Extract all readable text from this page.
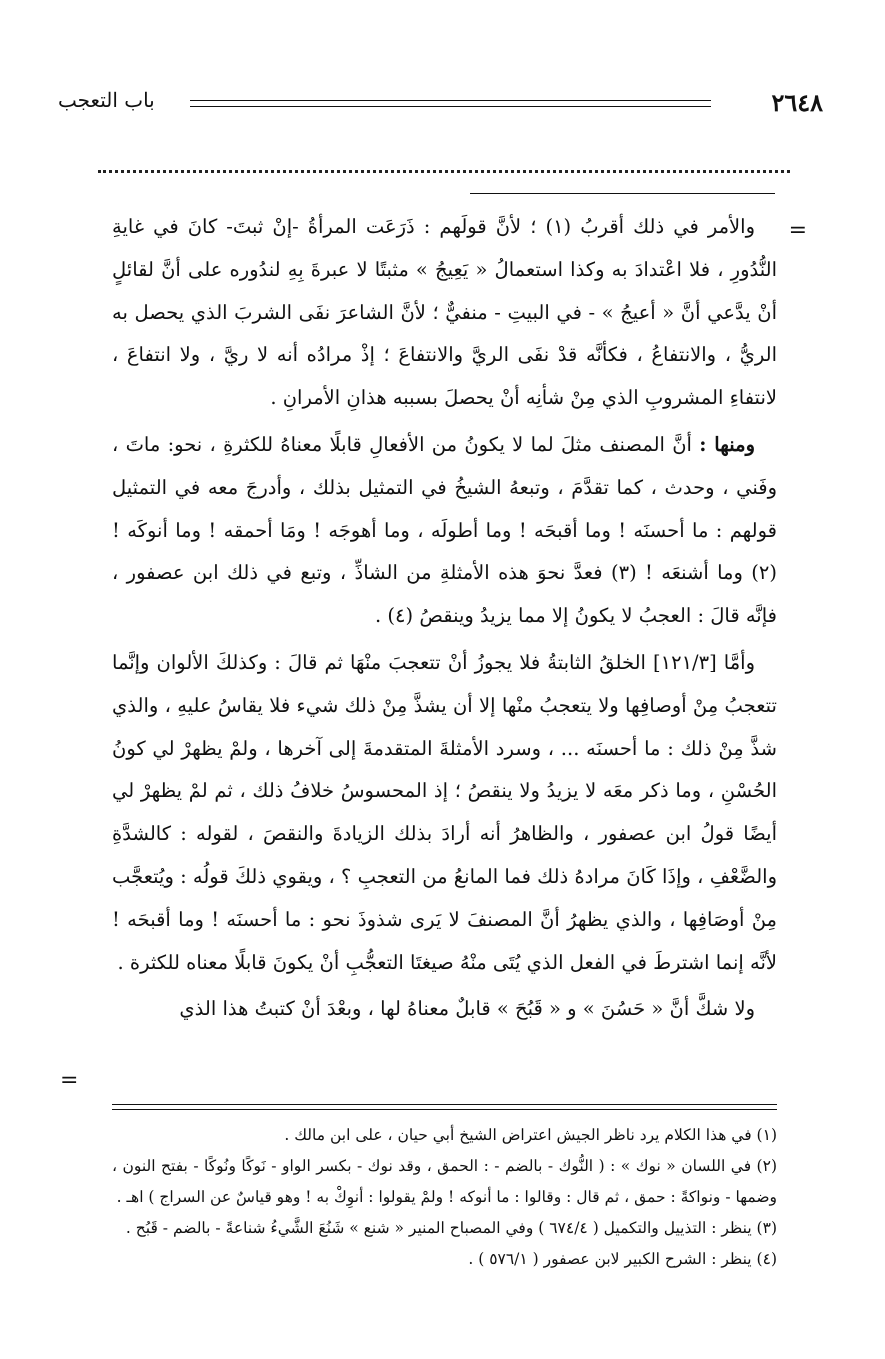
٢٦٤٨
باب التعجب
=

والأمر في ذلك أقربُ (١) ؛ لأنَّ قولَهم : ذَرَعَت المرأةُ -إنْ ثبتَ- كانَ في غايةِ النُّدُورِ ، فلا اعْتدادَ به وكذا استعمالُ « يَعِيجُ » مثبتًا لا عبرةَ بِهِ لندُوره على أنَّ لقائلٍ أنْ يدَّعي أنَّ « أعيجُ » - في البيتِ - منفيٌّ ؛ لأنَّ الشاعرَ نفَى الشربَ الذي يحصل به الريُّ ، والانتفاعُ ، فكأنَّه قدْ نفَى الريَّ والانتفاعَ ؛ إذْ مرادُه أنه لا ريَّ ، ولا انتفاعَ ، لانتفاءِ المشروبِ الذي مِنْ شأنِه أنْ يحصلَ بسببه هذانِ الأمرانِ .

ومنها : أنَّ المصنف مثلَ لما لا يكونُ من الأفعالِ قابلًا معناهُ للكثرةِ ، نحو: ماتَ ، وفَني ، وحدث ، كما تقدَّمَ ، وتبعهُ الشيخُ في التمثيل بذلك ، وأدرجَ معه في التمثيل قولهم : ما أحسنَه ! وما أقبحَه ! وما أطولَه ، وما أهوجَه ! ومَا أحمقه ! وما أنوكَه ! (٢) وما أشنعَه ! (٣) فعدَّ نحوَ هذه الأمثلةِ من الشاذِّ ، وتبع في ذلك ابن عصفور ، فإنَّه قالَ : العجبُ لا يكونُ إلا مما يزيدُ وينقصُ (٤) .

وأمَّا [١٢١/٣] الخلقُ الثابتةُ فلا يجوزُ أنْ تتعجبَ منْهَا ثم قالَ : وكذلكَ الألوان وإنَّما تتعجبُ مِنْ أوصافِها ولا يتعجبُ منْها إلا أن يشذَّ مِنْ ذلك شيء فلا يقاسُ عليهِ ، والذي شذَّ مِنْ ذلك : ما أحسنَه ... ، وسرد الأمثلةَ المتقدمةَ إلى آخرها ، ولمْ يظهرْ لي كونُ الحُسْنِ ، وما ذكر معَه لا يزيدُ ولا ينقصُ ؛ إذ المحسوسُ خلافُ ذلك ، ثم لمْ يظهرْ لي أيضًا قولُ ابن عصفور ، والظاهرُ أنه أرادَ بذلك الزيادةَ والنقصَ ، لقوله : كالشدَّةِ والضَّعْفِ ، وإذَا كَانَ مرادهُ ذلك فما المانعُ من التعجبِ ؟ ، ويقوي ذلكَ قولُه : ويُتعجَّب مِنْ أوصَافِها ، والذي يظهرُ أنَّ المصنفَ لا يَرى شذوذَ نحو : ما أحسنَه ! وما أقبحَه ! لأنَّه إنما اشترطَ في الفعل الذي يُتَى منْهُ صيغتَا التعجُّبِ أنْ يكونَ قابلًا معناه للكثرة .

ولا شكَّ أنَّ « حَسُنَ » و « قَبُحَ » قابلٌ معناهُ لها ، وبعْدَ أنْ كتبتُ هذا الذي

=

(١) في هذا الكلام يرد ناظر الجيش اعتراض الشيخ أبي حيان ، على ابن مالك .

(٢) في اللسان « نوك » : ( النُّوك - بالضم - : الحمق ، وقد نوك - بكسر الواو - نَوكًا ونُوكًا - بفتح النون ، وضمها - ونواكةً : حمق ، ثم قال : وقالوا : ما أنوكه ! ولمْ يقولوا : أنوِكْ به ! وهو قياسٌ عن السراج ) اهـ .

(٣) ينظر : التذييل والتكميل ( ٦٧٤/٤ ) وفي المصباح المنير « شنع » شَنُعَ الشَّيءُ شناعةً - بالضم - قَبُح .

(٤) ينظر : الشرح الكبير لابن عصفور ( ٥٧٦/١ ) .
